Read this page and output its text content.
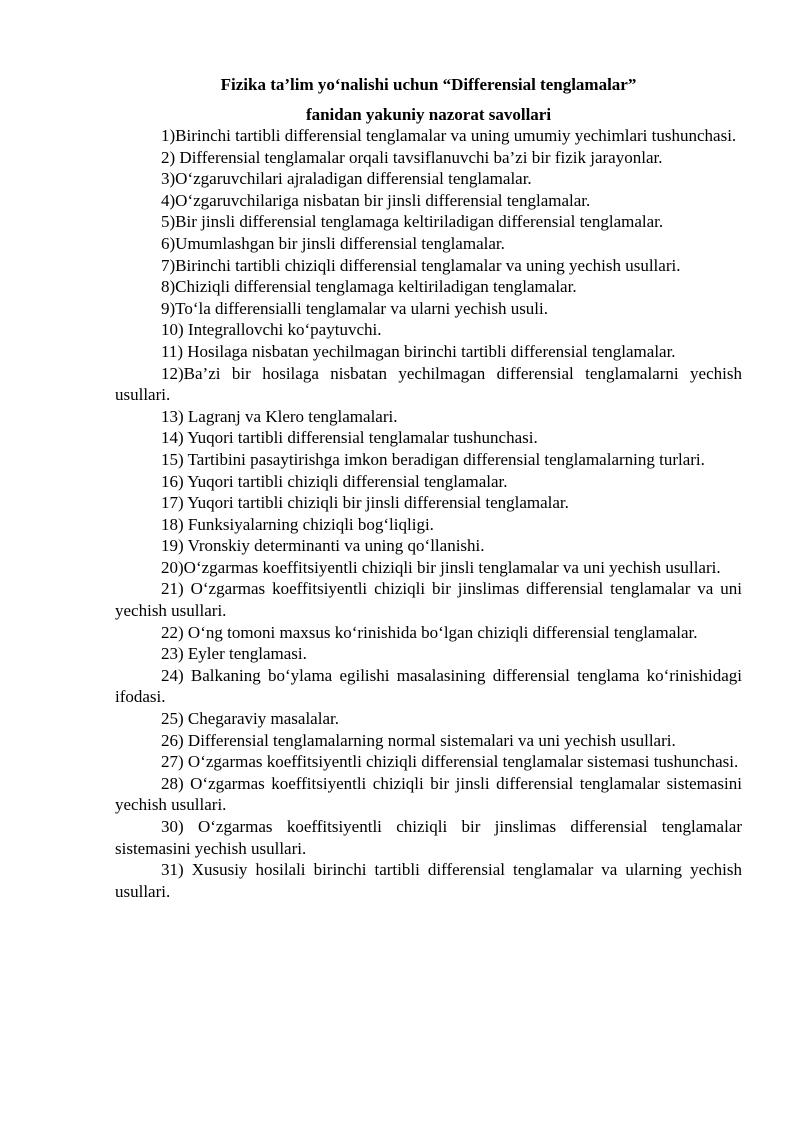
Fizika ta’lim yo‘nalishi uchun “Differensial tenglamalar”

fanidan yakuniy nazorat savollari

1)Birinchi tartibli differensial tenglamalar va uning umumiy yechimlari tushunchasi.

2) Differensial tenglamalar orqali tavsiflanuvchi ba’zi bir fizik jarayonlar.

3)O‘zgaruvchilari ajraladigan differensial tenglamalar.

4)O‘zgaruvchilariga nisbatan bir jinsli differensial tenglamalar.

5)Bir jinsli differensial tenglamaga keltiriladigan differensial tenglamalar.

6)Umumlashgan bir jinsli differensial tenglamalar.

7)Birinchi tartibli chiziqli differensial tenglamalar va uning yechish usullari.

8)Chiziqli differensial tenglamaga keltiriladigan tenglamalar.

9)To‘la differensialli tenglamalar va ularni yechish usuli.

10) Integrallovchi ko‘paytuvchi.

11) Hosilaga nisbatan yechilmagan birinchi tartibli differensial tenglamalar.

12)Ba’zi bir hosilaga nisbatan yechilmagan differensial tenglamalarni yechish usullari.

13) Lagranj va Klero tenglamalari.

14) Yuqori tartibli differensial tenglamalar tushunchasi.

15) Tartibini pasaytirishga imkon beradigan differensial tenglamalarning turlari.

16) Yuqori tartibli chiziqli differensial tenglamalar.

17) Yuqori tartibli chiziqli bir jinsli differensial tenglamalar.

18) Funksiyalarning chiziqli bog‘liqligi.

19) Vronskiy determinanti va uning qo‘llanishi.

20)O‘zgarmas koeffitsiyentli chiziqli bir jinsli tenglamalar va uni yechish usullari.

21) O‘zgarmas koeffitsiyentli chiziqli bir jinslimas differensial tenglamalar va uni yechish usullari.

22) O‘ng tomoni maxsus ko‘rinishida bo‘lgan chiziqli differensial tenglamalar.

23) Eyler tenglamasi.

24) Balkaning bo‘ylama egilishi masalasining differensial tenglama ko‘rinishidagi ifodasi.

25) Chegaraviy masalalar.

26) Differensial tenglamalarning normal sistemalari va uni yechish usullari.

27) O‘zgarmas koeffitsiyentli chiziqli differensial tenglamalar sistemasi tushunchasi.

28) O‘zgarmas koeffitsiyentli chiziqli bir jinsli differensial tenglamalar sistemasini yechish usullari.

30) O‘zgarmas koeffitsiyentli chiziqli bir jinslimas differensial tenglamalar sistemasini yechish usullari.

31) Xususiy hosilali birinchi tartibli differensial tenglamalar va ularning yechish usullari.
